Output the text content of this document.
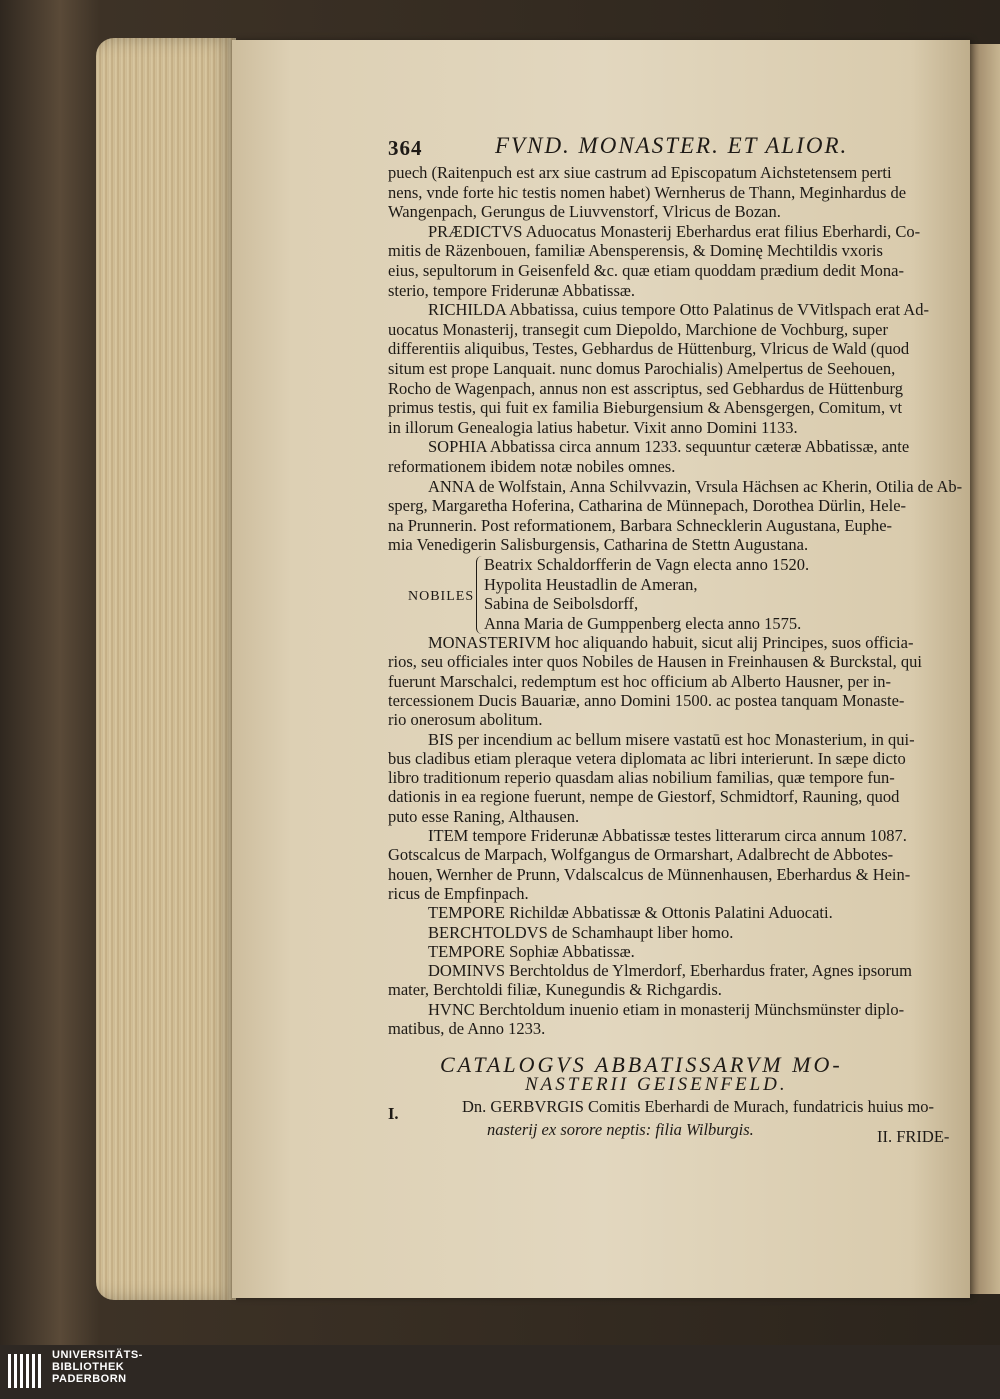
364	FVND. MONASTER. ET ALIOR.
puech (Raitenpuch est arx siue castrum ad Episcopatum Aichstetensem perti
nens, vnde forte hic testis nomen habet) Wernherus de Thann, Meginhardus de
Wangenpach, Gerungus de Liuvvenstorf, Vlricus de Bozan.
PRÆDICTVS Aduocatus Monasterij Eberhardus erat filius Eberhardi, Co-
mitis de Räzenbouen, familiæ Abensperensis, & Dominę Mechtildis vxoris
eius, sepultorum in Geisenfeld &c. quæ etiam quoddam prædium dedit Mona-
sterio, tempore Friderunæ Abbatissæ.
RICHILDA Abbatissa, cuius tempore Otto Palatinus de VVitlspach erat Ad-
uocatus Monasterij, transegit cum Diepoldo, Marchione de Vochburg, super
differentiis aliquibus, Testes, Gebhardus de Hüttenburg, Vlricus de Wald (quod
situm est prope Lanquait. nunc domus Parochialis) Amelpertus de Seehouen,
Rocho de Wagenpach, annus non est asscriptus, sed Gebhardus de Hüttenburg
primus testis, qui fuit ex familia Bieburgensium & Abensgergen, Comitum, vt
in illorum Genealogia latius habetur. Vixit anno Domini 1133.
SOPHIA Abbatissa circa annum 1233. sequuntur cæteræ Abbatissæ, ante
reformationem ibidem notæ nobiles omnes.
ANNA de Wolfstain, Anna Schilvvazin, Vrsula Hächsen ac Kherin, Otilia de Ab-
sperg, Margaretha Hoferina, Catharina de Münnepach, Dorothea Dürlin, Hele-
na Prunnerin. Post reformationem, Barbara Schnecklerin Augustana, Euphe-
mia Venedigerin Salisburgensis, Catharina de Stettn Augustana.
NOBILES
Beatrix Schaldorfferin de Vagn electa anno 1520.
Hypolita Heustadlin de Ameran,
Sabina de Seibolsdorff,
Anna Maria de Gumppenberg electa anno 1575.
MONASTERIVM hoc aliquando habuit, sicut alij Principes, suos officia-
rios, seu officiales inter quos Nobiles de Hausen in Freinhausen & Burckstal, qui
fuerunt Marschalci, redemptum est hoc officium ab Alberto Hausner, per in-
tercessionem Ducis Bauariæ, anno Domini 1500. ac postea tanquam Monaste-
rio onerosum abolitum.
BIS per incendium ac bellum misere vastatū est hoc Monasterium, in qui-
bus cladibus etiam pleraque vetera diplomata ac libri interierunt. In sæpe dicto
libro traditionum reperio quasdam alias nobilium familias, quæ tempore fun-
dationis in ea regione fuerunt, nempe de Giestorf, Schmidtorf, Rauning, quod
puto esse Raning, Althausen.
ITEM tempore Friderunæ Abbatissæ testes litterarum circa annum 1087.
Gotscalcus de Marpach, Wolfgangus de Ormarshart, Adalbrecht de Abbotes-
houen, Wernher de Prunn, Vdalscalcus de Münnenhausen, Eberhardus & Hein-
ricus de Empfinpach.
TEMPORE Richildæ Abbatissæ & Ottonis Palatini Aduocati.
BERCHTOLDVS de Schamhaupt liber homo.
TEMPORE Sophiæ Abbatissæ.
DOMINVS Berchtoldus de Ylmerdorf, Eberhardus frater, Agnes ipsorum
mater, Berchtoldi filiæ, Kunegundis & Richgardis.
HVNC Berchtoldum inuenio etiam in monasterij Münchsmünster diplo-
matibus, de Anno 1233.
CATALOGVS ABBATISSARVM MO-
NASTERII GEISENFELD.
I.	Dn. GERBVRGIS Comitis Eberhardi de Murach, fundatricis huius mo-
nasterij ex sorore neptis: filia Wilburgis.	II. FRIDE-
UNIVERSITÄTS-
BIBLIOTHEK
PADERBORN
